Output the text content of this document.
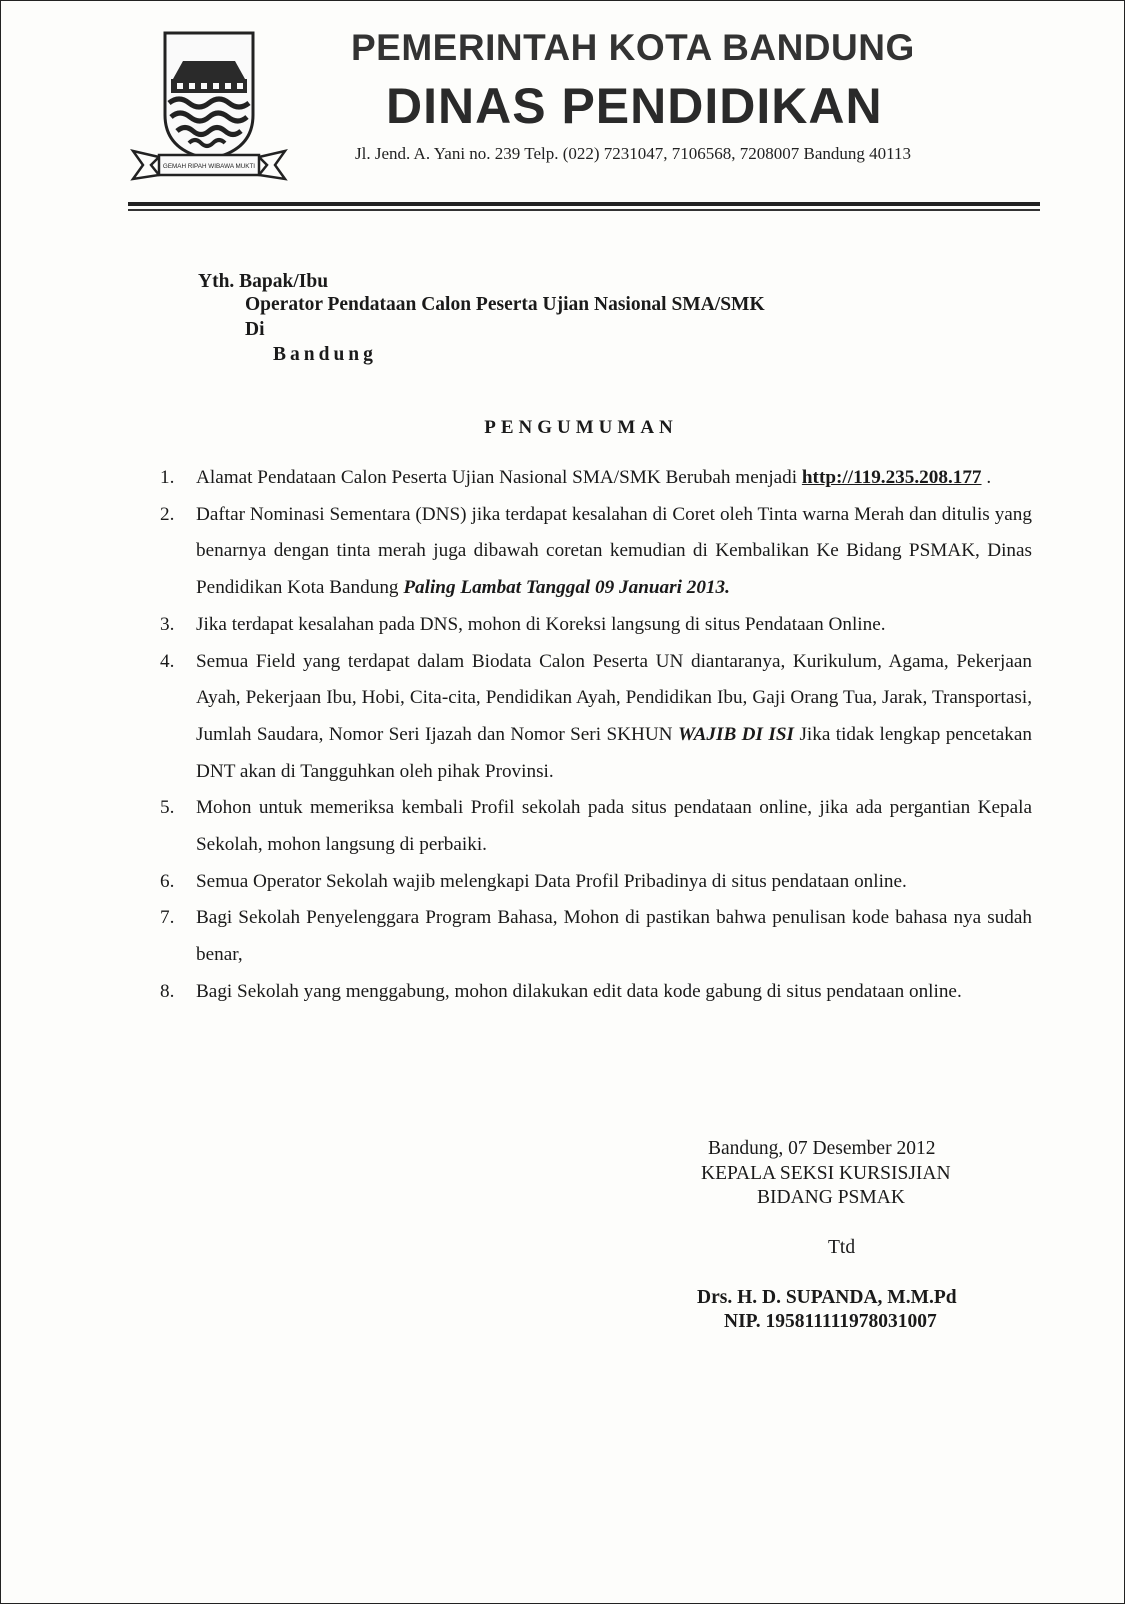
GEMAH RIPAH WIBAWA MUKTI
PEMERINTAH KOTA BANDUNG
DINAS PENDIDIKAN
Jl. Jend. A. Yani no. 239 Telp. (022) 7231047, 7106568, 7208007 Bandung 40113
Yth. Bapak/Ibu
Operator Pendataan Calon Peserta Ujian Nasional SMA/SMK
Di
Bandung
PENGUMUMAN
1. Alamat Pendataan Calon Peserta Ujian Nasional SMA/SMK Berubah menjadi http://119.235.208.177 .
2. Daftar Nominasi Sementara (DNS) jika terdapat kesalahan di Coret oleh Tinta warna Merah dan ditulis yang benarnya dengan tinta merah juga dibawah coretan kemudian di Kembalikan Ke Bidang PSMAK, Dinas Pendidikan Kota Bandung Paling Lambat Tanggal 09 Januari 2013.
3. Jika terdapat kesalahan pada DNS, mohon di Koreksi langsung di situs Pendataan Online.
4. Semua Field yang terdapat dalam Biodata Calon Peserta UN diantaranya, Kurikulum, Agama, Pekerjaan Ayah, Pekerjaan Ibu, Hobi, Cita-cita, Pendidikan Ayah, Pendidikan Ibu, Gaji Orang Tua, Jarak, Transportasi, Jumlah Saudara, Nomor Seri Ijazah dan Nomor Seri SKHUN WAJIB DI ISI Jika tidak lengkap pencetakan DNT akan di Tangguhkan oleh pihak Provinsi.
5. Mohon untuk memeriksa kembali Profil sekolah pada situs pendataan online, jika ada pergantian Kepala Sekolah, mohon langsung di perbaiki.
6. Semua Operator Sekolah wajib melengkapi Data Profil Pribadinya di situs pendataan online.
7. Bagi Sekolah Penyelenggara Program Bahasa, Mohon di pastikan bahwa penulisan kode bahasa nya sudah benar,
8. Bagi Sekolah yang menggabung, mohon dilakukan edit data kode gabung di situs pendataan online.
Bandung, 07 Desember 2012
KEPALA SEKSI KURSISJIAN
BIDANG PSMAK
Ttd
Drs. H. D. SUPANDA, M.M.Pd
NIP. 195811111978031007
